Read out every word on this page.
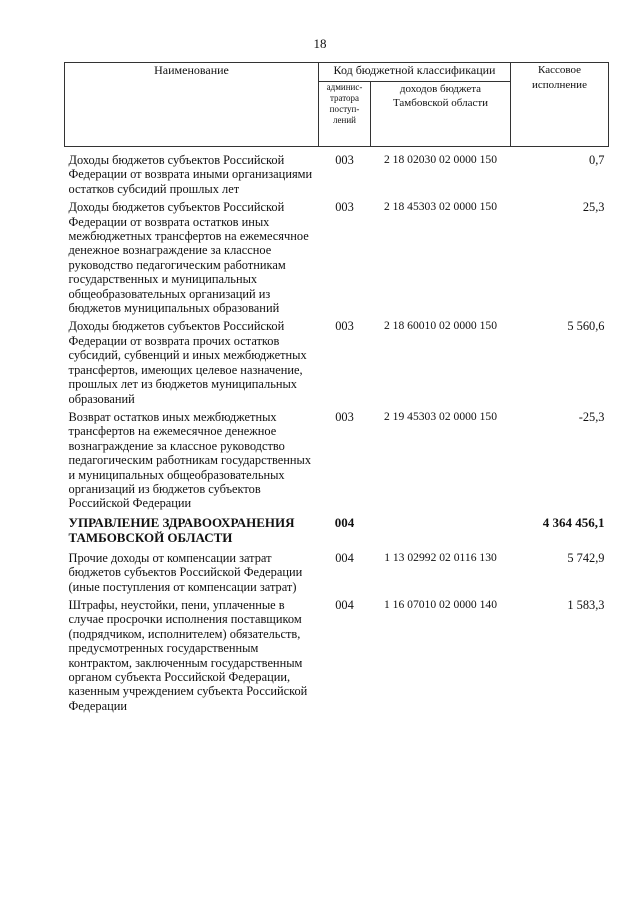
18
Наименование	Код бюджетной классификации		Кассовое исполнение
	админис-тратора поступ-лений	доходов бюджета Тамбовской области	
Доходы бюджетов субъектов Российской Федерации от возврата иными организациями остатков субсидий прошлых лет	003	2 18 02030 02 0000 150	0,7
Доходы бюджетов субъектов Российской Федерации от возврата остатков иных межбюджетных трансфертов на ежемесячное денежное вознаграждение за классное руководство педагогическим работникам государственных и муниципальных общеобразовательных организаций из бюджетов муниципальных образований	003	2 18 45303 02 0000 150	25,3
Доходы бюджетов субъектов Российской Федерации от возврата прочих остатков субсидий, субвенций и иных межбюджетных трансфертов, имеющих целевое назначение, прошлых лет из бюджетов муниципальных образований	003	2 18 60010 02 0000 150	5 560,6
Возврат остатков иных межбюджетных трансфертов на ежемесячное денежное вознаграждение за классное руководство педагогическим работникам государственных и муниципальных общеобразовательных организаций из бюджетов субъектов Российской Федерации	003	2 19 45303 02 0000 150	-25,3
УПРАВЛЕНИЕ ЗДРАВООХРАНЕНИЯ ТАМБОВСКОЙ ОБЛАСТИ	004		4 364 456,1
Прочие доходы от компенсации затрат бюджетов субъектов Российской Федерации (иные поступления от компенсации затрат)	004	1 13 02992 02 0116 130	5 742,9
Штрафы, неустойки, пени, уплаченные в случае просрочки исполнения поставщиком (подрядчиком, исполнителем) обязательств, предусмотренных государственным контрактом, заключенным государственным органом субъекта Российской Федерации, казенным учреждением субъекта Российской Федерации	004	1 16 07010 02 0000 140	1 583,3
